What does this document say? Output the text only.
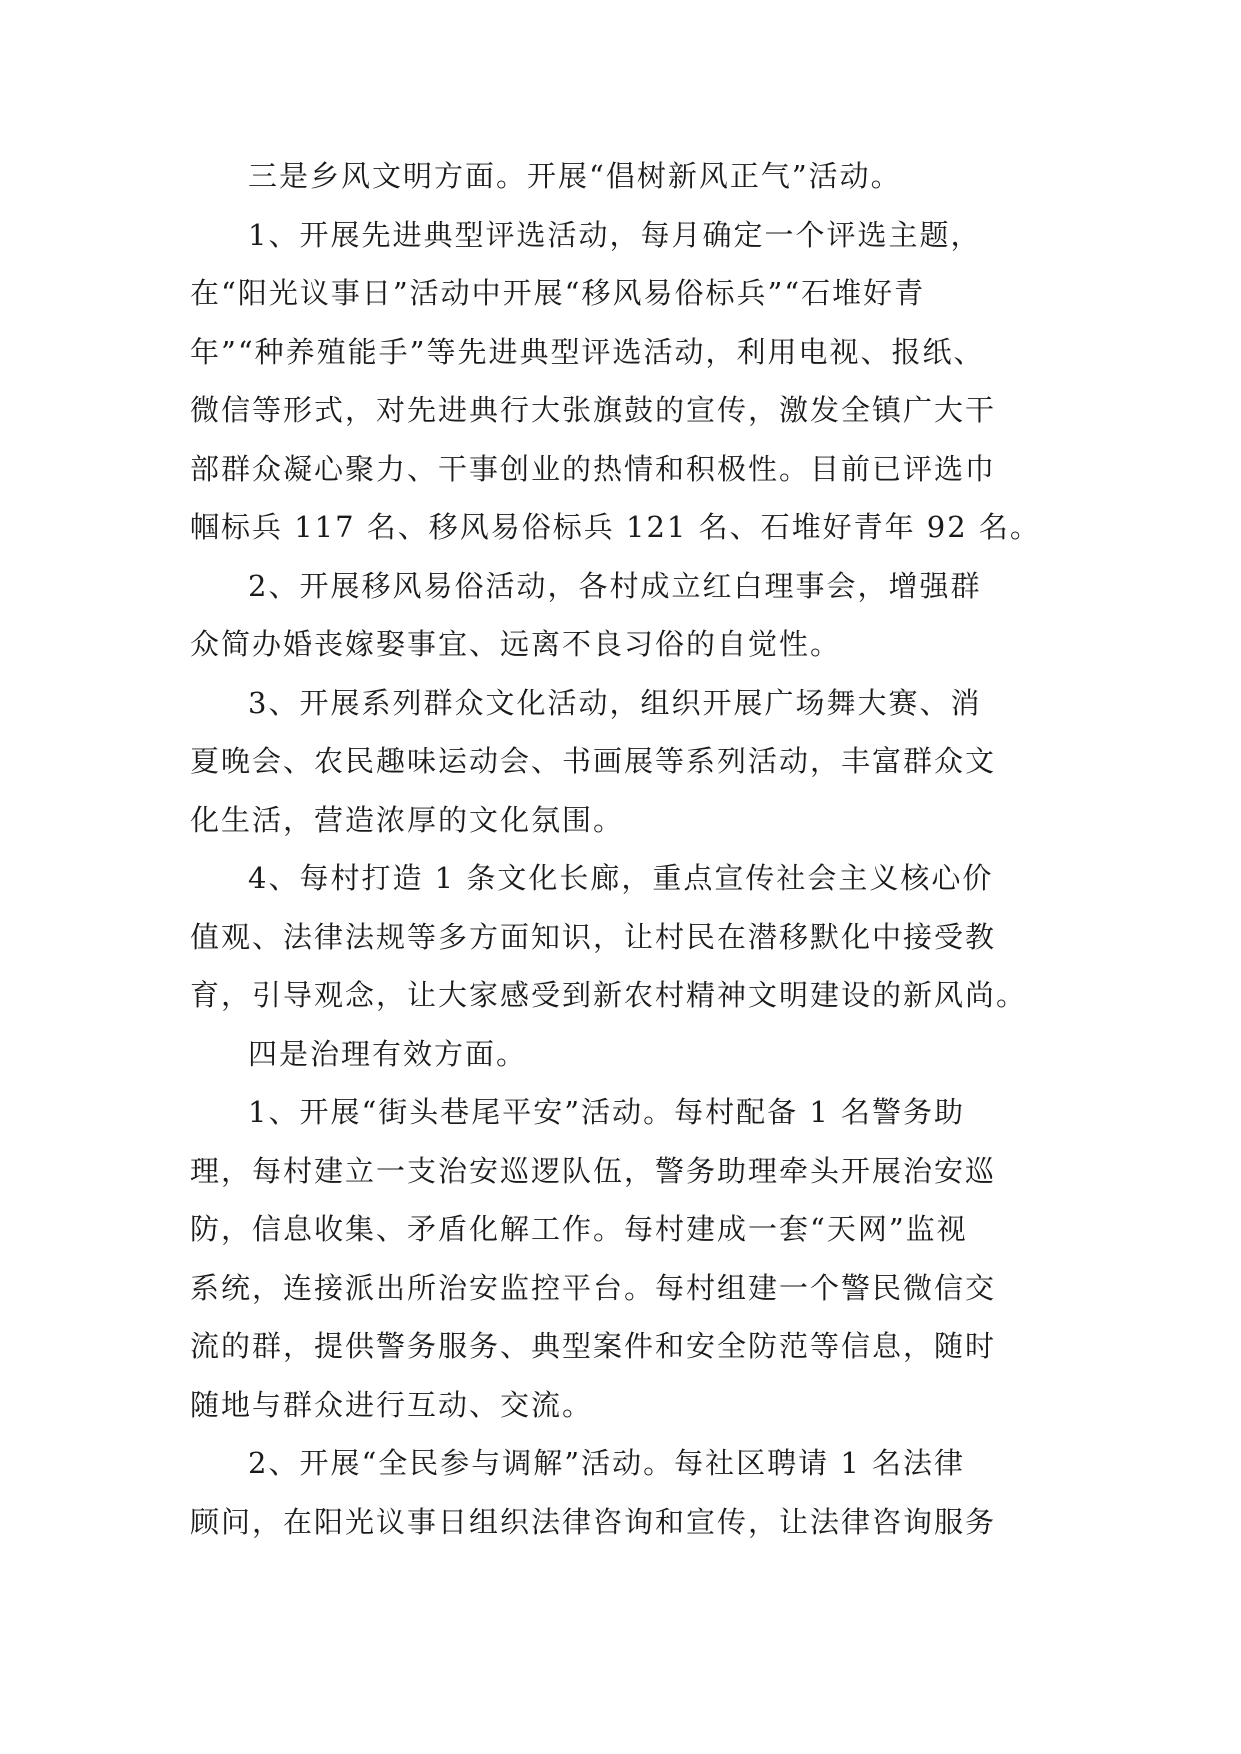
三是乡风文明方面。开展“倡树新风正气”活动。

1、开展先进典型评选活动，每月确定一个评选主题，
在“阳光议事日”活动中开展“移风易俗标兵”“石堆好青
年”“种养殖能手”等先进典型评选活动，利用电视、报纸、
微信等形式，对先进典行大张旗鼓的宣传，激发全镇广大干
部群众凝心聚力、干事创业的热情和积极性。目前已评选巾
帼标兵 117 名、移风易俗标兵 121 名、石堆好青年 92 名。

2、开展移风易俗活动，各村成立红白理事会，增强群
众简办婚丧嫁娶事宜、远离不良习俗的自觉性。

3、开展系列群众文化活动，组织开展广场舞大赛、消
夏晚会、农民趣味运动会、书画展等系列活动，丰富群众文
化生活，营造浓厚的文化氛围。

4、每村打造 1 条文化长廊，重点宣传社会主义核心价
值观、法律法规等多方面知识，让村民在潜移默化中接受教
育，引导观念，让大家感受到新农村精神文明建设的新风尚。

四是治理有效方面。

1、开展“街头巷尾平安”活动。每村配备 1 名警务助
理，每村建立一支治安巡逻队伍，警务助理牵头开展治安巡
防，信息收集、矛盾化解工作。每村建成一套“天网”监视
系统，连接派出所治安监控平台。每村组建一个警民微信交
流的群，提供警务服务、典型案件和安全防范等信息，随时
随地与群众进行互动、交流。

2、开展“全民参与调解”活动。每社区聘请 1 名法律
顾问，在阳光议事日组织法律咨询和宣传，让法律咨询服务
